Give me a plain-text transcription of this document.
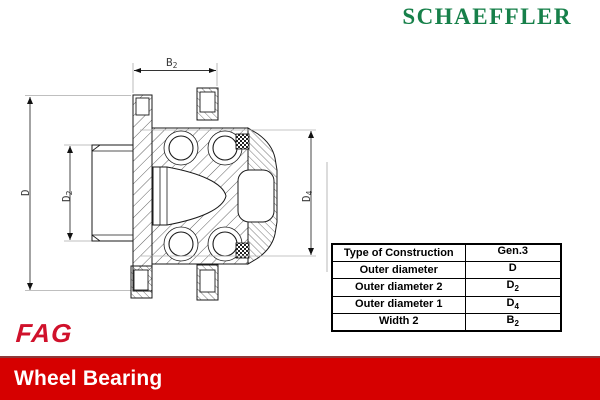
SCHAEFFLER
B2
D
D2
D4
Type of Construction	Gen.3
Outer diameter	D
Outer diameter 2	$D_2$
Outer diameter 1	$D_4$
Width 2	$B_2$
FAG
Wheel Bearing
